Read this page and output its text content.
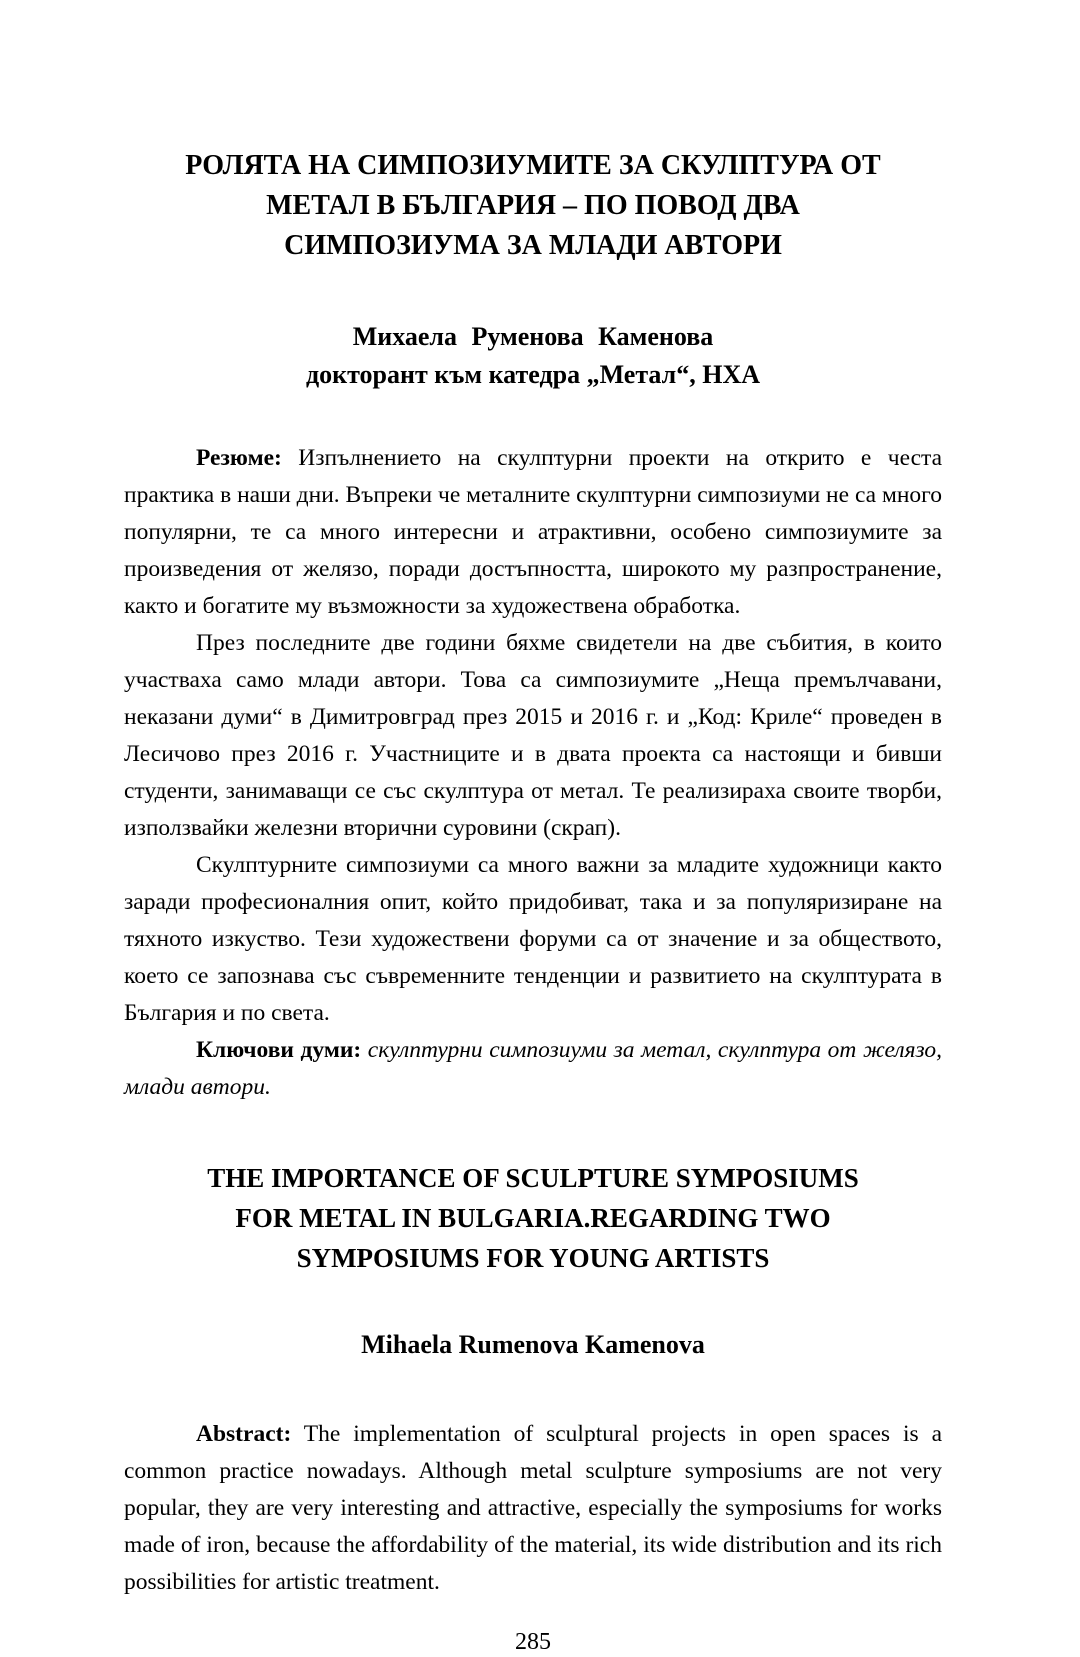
РОЛЯТА НА СИМПОЗИУМИТЕ ЗА СКУЛПТУРА ОТ
МЕТАЛ В БЪЛГАРИЯ – ПО ПОВОД ДВА
СИМПОЗИУМА ЗА МЛАДИ АВТОРИ
Михаела Руменова Каменова
докторант към катедра „Метал“, НХА

Резюме: Изпълнението на скулптурни проекти на открито е честа практика в наши дни. Въпреки че металните скулптурни симпозиуми не са много популярни, те са много интересни и атрактивни, особено симпозиумите за произведения от желязо, поради достъпността, широкото му разпространение, както и богатите му възможности за художествена обработка.

През последните две години бяхме свидетели на две събития, в които участваха само млади автори. Това са симпозиумите „Неща премълчавани, неказани думи“ в Димитровград през 2015 и 2016 г. и „Код: Криле“ проведен в Лесичово през 2016 г. Участниците и в двата проекта са настоящи и бивши студенти, занимаващи се със скулптура от метал. Те реализираха своите творби, използвайки железни вторични суровини (скрап).

Скулптурните симпозиуми са много важни за младите художници както заради професионалния опит, който придобиват, така и за популяризиране на тяхното изкуство. Тези художествени форуми са от значение и за обществото, което се запознава със съвременните тенденции и развитието на скулптурата в България и по света.

Ключови думи: скулптурни симпозиуми за метал, скулптура от желязо, млади автори.

THE IMPORTANCE OF SCULPTURE SYMPOSIUMS
FOR METAL IN BULGARIA.REGARDING TWO
SYMPOSIUMS FOR YOUNG ARTISTS
Mihaela Rumenova Kamenova

Abstract: The implementation of sculptural projects in open spaces is a common practice nowadays. Although metal sculpture symposiums are not very popular, they are very interesting and attractive, especially the symposiums for works made of iron, because the affordability of the material, its wide distribution and its rich possibilities for artistic treatment.

285
